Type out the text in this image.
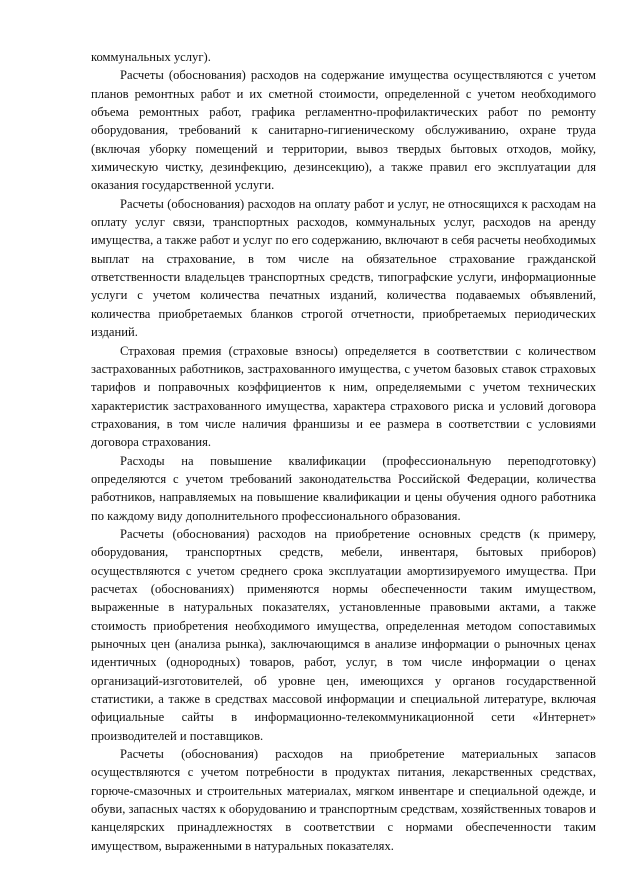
коммунальных услуг).

Расчеты (обоснования) расходов на содержание имущества осуществляются с учетом планов ремонтных работ и их сметной стоимости, определенной с учетом необходимого объема ремонтных работ, графика регламентно-профилактических работ по ремонту оборудования, требований к санитарно-гигиеническому обслуживанию, охране труда (включая уборку помещений и территории, вывоз твердых бытовых отходов, мойку, химическую чистку, дезинфекцию, дезинсекцию), а также правил его эксплуатации для оказания государственной услуги.

Расчеты (обоснования) расходов на оплату работ и услуг, не относящихся к расходам на оплату услуг связи, транспортных расходов, коммунальных услуг, расходов на аренду имущества, а также работ и услуг по его содержанию, включают в себя расчеты необходимых выплат на страхование, в том числе на обязательное страхование гражданской ответственности владельцев транспортных средств, типографские услуги, информационные услуги с учетом количества печатных изданий, количества подаваемых объявлений, количества приобретаемых бланков строгой отчетности, приобретаемых периодических изданий.

Страховая премия (страховые взносы) определяется в соответствии с количеством застрахованных работников, застрахованного имущества, с учетом базовых ставок страховых тарифов и поправочных коэффициентов к ним, определяемыми с учетом технических характеристик застрахованного имущества, характера страхового риска и условий договора страхования, в том числе наличия франшизы и ее размера в соответствии с условиями договора страхования.

Расходы на повышение квалификации (профессиональную переподготовку) определяются с учетом требований законодательства Российской Федерации, количества работников, направляемых на повышение квалификации и цены обучения одного работника по каждому виду дополнительного профессионального образования.

Расчеты (обоснования) расходов на приобретение основных средств (к примеру, оборудования, транспортных средств, мебели, инвентаря, бытовых приборов) осуществляются с учетом среднего срока эксплуатации амортизируемого имущества. При расчетах (обоснованиях) применяются нормы обеспеченности таким имуществом, выраженные в натуральных показателях, установленные правовыми актами, а также стоимость приобретения необходимого имущества, определенная методом сопоставимых рыночных цен (анализа рынка), заключающимся в анализе информации о рыночных ценах идентичных (однородных) товаров, работ, услуг, в том числе информации о ценах организаций-изготовителей, об уровне цен, имеющихся у органов государственной статистики, а также в средствах массовой информации и специальной литературе, включая официальные сайты в информационно-телекоммуникационной сети «Интернет» производителей и поставщиков.

Расчеты (обоснования) расходов на приобретение материальных запасов осуществляются с учетом потребности в продуктах питания, лекарственных средствах, горюче-смазочных и строительных материалах, мягком инвентаре и специальной одежде, и обуви, запасных частях к оборудованию и транспортным средствам, хозяйственных товаров и канцелярских принадлежностях в соответствии с нормами обеспеченности таким имуществом, выраженными в натуральных показателях.
